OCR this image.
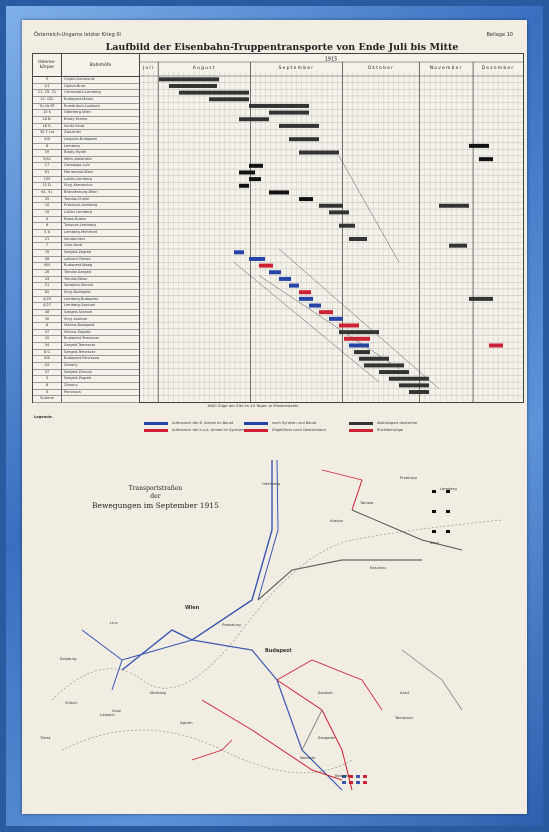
Österreich-Ungarns letzter Krieg III	Beilage 10
Laufbild der Eisenbahn-Truppentransporte von Ende Juli bis Mitte
Heeres-körper	Bahnhöfe
9	Osijek-Dubrovnik
1/1	Opava-Brno
11. 29. 31	Czernowitz-Lemberg
12. GD.	Budapest-Maros
7b.1b.RT	Rumänisch-Ludasch
10 K	Oderberg-Wien
18 B.	Brody-Krems
18 K.	Sankt Ilinat
30 F Lst	Zwartniki
XIII	Leopolis-Budapest
8	Lemberg
59	Brody-Hyoth
5/41	Wien-Jablonska
17	Gorzoppa-Lviv
61	Mariampol-Wien
105	Lublin-Lemberg
12 D.	Stryj-Komarnice
61. 51	Brandenburg-Wien
35	Tarnów-Cholm
10	Przemysl-Lemberg
16	Lublin-Lemberg
4	Rawa-Ruska
6	Tolszcza-Lemberg
5 b	Lemberg-Mehrheit
21	Sandomierz
7	Graz-Arad
78	Szeged-Zagreb
58	Laibach-Trieste
400	Budapest-Waag
28	Tarnów-Szeged
43	Tarnów-Tabor
51	Sarajevo-Vienna
62	Stryj-Budapest
4/25	Lemberg-Budapest
4/27	Lemberg-Szolnok
48	Szeged-Szolnok
30	Stryj-Szolnok
8	Vienna-Budapest
47	Vienna-Zagreb
20	Budapest-Temesvar
54	Szeged-Temesvar
8 G	Szeged-Temesvar
XIX	Budapest-Pancsova
XX	Zimony
37	Szeged-Zimony
3	Szeged-Zagreb
8	Zimony
5	Pancsova
Summe
1915
Juli	August	September	Oktober	November	Dezember
1800 Züge am Ziel im 24 Tagen je Mindenstzahl
Legende:
Aufmarsch der 8. Armee im Banat
Aufmarsch der k.u.k. Armee im Syrmien
nach Syrmien und Banat
Zügeführer nach Deutschland
Abtransport deutscher
Rückfahrtzüge
Transportstraßen
der
Bewegungen im September 1915
Wien
Budapest
Lemberg
Krakau
Oderberg
Salzburg
Graz
Agram
Marburg
Pressburg
Kaschau
Szolnok
Szegedin
Temesvar
Arad
Belgrad
Triest
Laibach
Neusatz
Przemysl
Stryj
Tarnow
Linz
Villach
